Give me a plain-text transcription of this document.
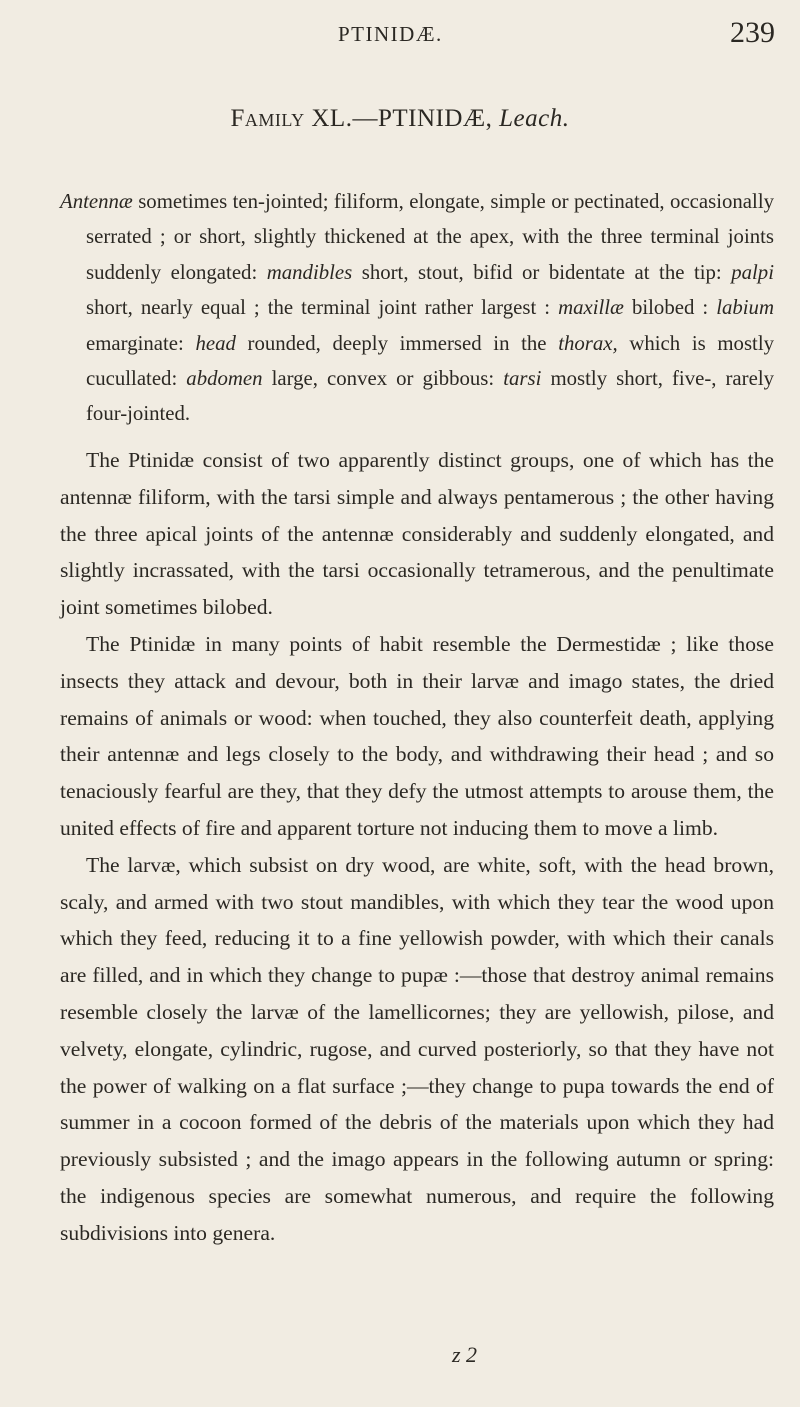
PTINIDÆ.	239
Family XL.—PTINIDÆ, Leach.

Antennæ sometimes ten-jointed; filiform, elongate, simple or pectinated, occasionally serrated ; or short, slightly thickened at the apex, with the three terminal joints suddenly elongated: mandibles short, stout, bifid or bidentate at the tip: palpi short, nearly equal ; the terminal joint rather largest : maxillæ bilobed : labium emarginate: head rounded, deeply immersed in the thorax, which is mostly cucullated: abdomen large, convex or gibbous: tarsi mostly short, five-, rarely four-jointed.

The Ptinidæ consist of two apparently distinct groups, one of which has the antennæ filiform, with the tarsi simple and always pentamerous ; the other having the three apical joints of the antennæ considerably and suddenly elongated, and slightly incrassated, with the tarsi occasionally tetramerous, and the penultimate joint sometimes bilobed.

The Ptinidæ in many points of habit resemble the Dermestidæ ; like those insects they attack and devour, both in their larvæ and imago states, the dried remains of animals or wood: when touched, they also counterfeit death, applying their antennæ and legs closely to the body, and withdrawing their head ; and so tenaciously fearful are they, that they defy the utmost attempts to arouse them, the united effects of fire and apparent torture not inducing them to move a limb.

The larvæ, which subsist on dry wood, are white, soft, with the head brown, scaly, and armed with two stout mandibles, with which they tear the wood upon which they feed, reducing it to a fine yellowish powder, with which their canals are filled, and in which they change to pupæ :—those that destroy animal remains resemble closely the larvæ of the lamellicornes; they are yellowish, pilose, and velvety, elongate, cylindric, rugose, and curved posteriorly, so that they have not the power of walking on a flat surface ;—they change to pupa towards the end of summer in a cocoon formed of the debris of the materials upon which they had previously subsisted ; and the imago appears in the following autumn or spring: the indigenous species are somewhat numerous, and require the following subdivisions into genera.

z 2
